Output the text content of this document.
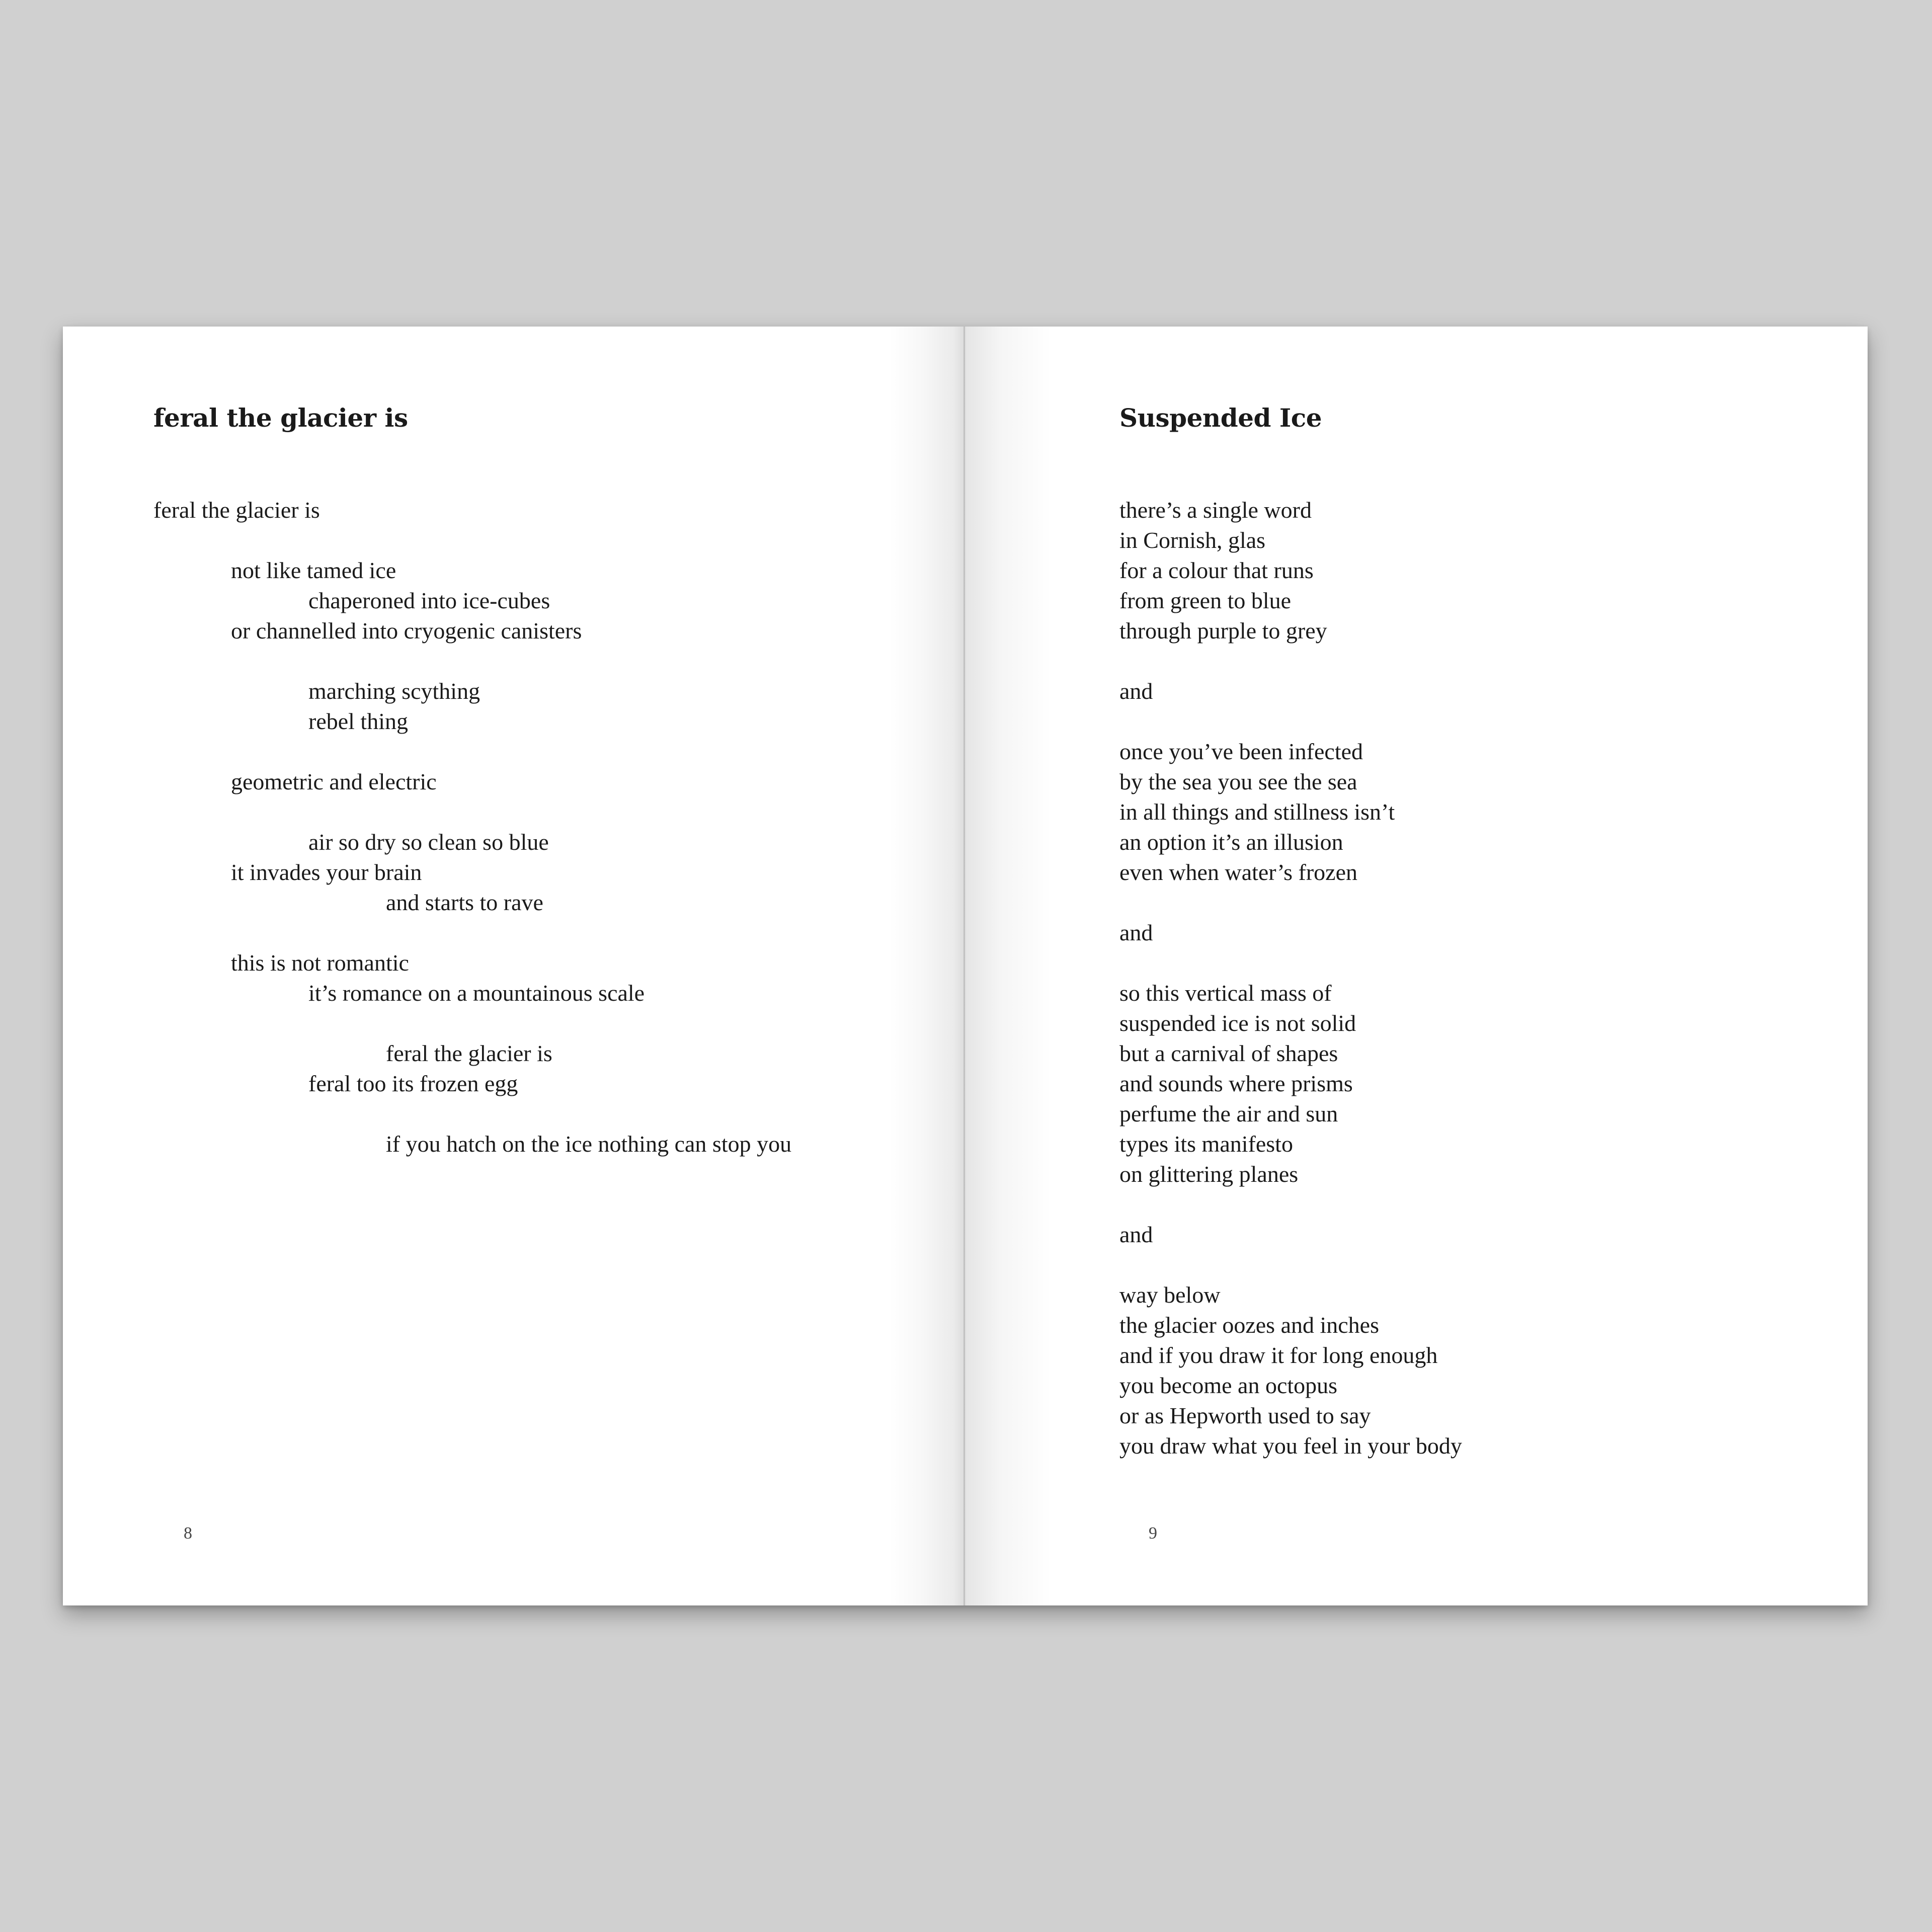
feral the glacier is
feral the glacier is
not like tamed ice
chaperoned into ice-cubes
or channelled into cryogenic canisters
marching scything
rebel thing
geometric and electric
air so dry so clean so blue
it invades your brain
and starts to rave
this is not romantic
it’s romance on a mountainous scale
feral the glacier is
feral too its frozen egg
if you hatch on the ice nothing can stop you
8
Suspended Ice
there’s a single word
in Cornish, glas
for a colour that runs
from green to blue
through purple to grey
and
once you’ve been infected
by the sea you see the sea
in all things and stillness isn’t
an option it’s an illusion
even when water’s frozen
and
so this vertical mass of
suspended ice is not solid
but a carnival of shapes
and sounds where prisms
perfume the air and sun
types its manifesto
on glittering planes
and
way below
the glacier oozes and inches
and if you draw it for long enough
you become an octopus
or as Hepworth used to say
you draw what you feel in your body
9
